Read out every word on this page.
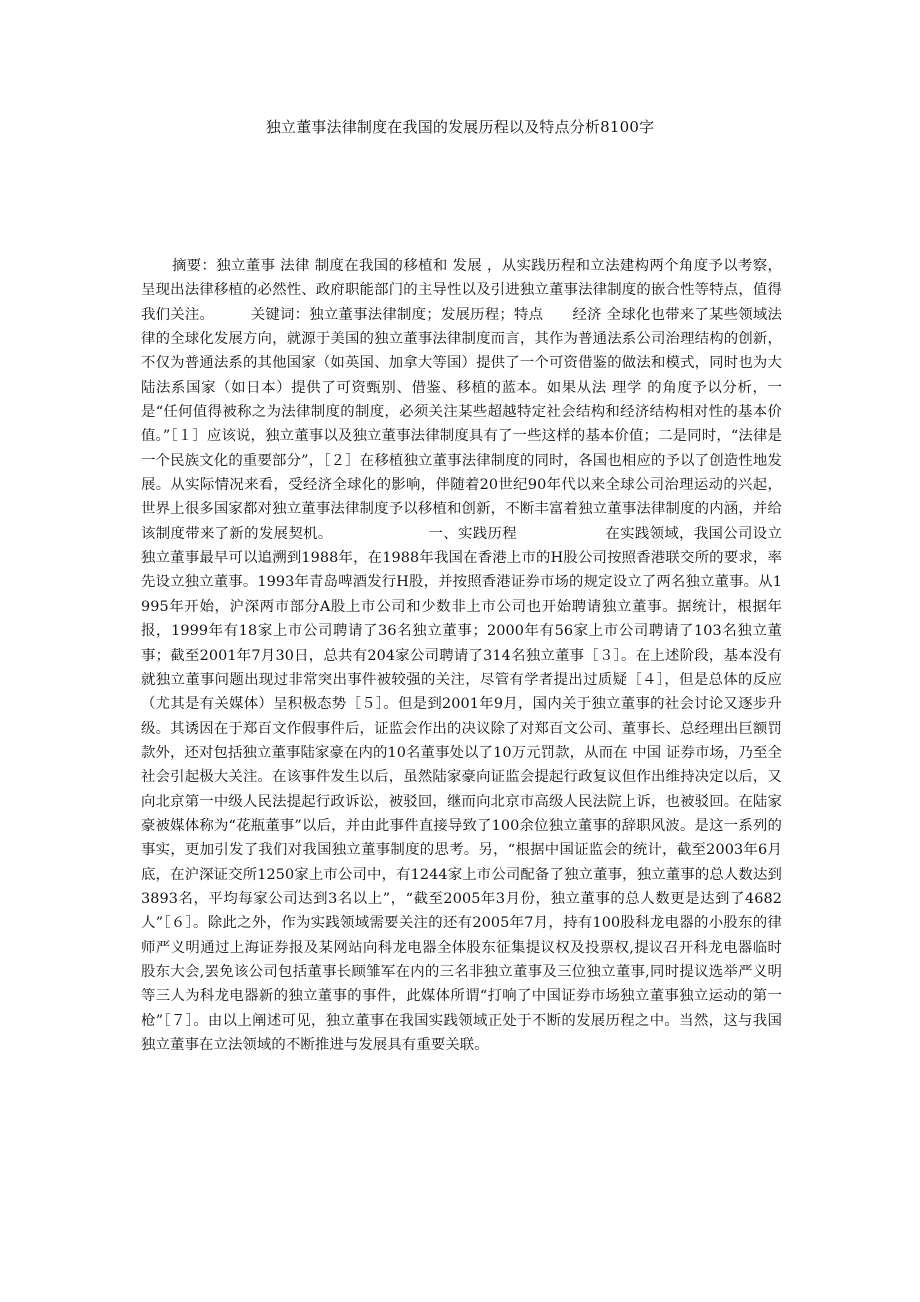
独立董事法律制度在我国的发展历程以及特点分析8100字
摘要：独立董事 法律 制度在我国的移植和 发展 ，从实践历程和立法建构两个角度予以考察，呈现出法律移植的必然性、政府职能部门的主导性以及引进独立董事法律制度的嵌合性等特点，值得我们关注。　　　关键词：独立董事法律制度；发展历程；特点　　经济 全球化也带来了某些领域法律的全球化发展方向，就源于美国的独立董事法律制度而言，其作为普通法系公司治理结构的创新，不仅为普通法系的其他国家（如英国、加拿大等国）提供了一个可资借鉴的做法和模式，同时也为大陆法系国家（如日本）提供了可资甄别、借鉴、移植的蓝本。如果从法 理学 的角度予以分析，一是“任何值得被称之为法律制度的制度，必须关注某些超越特定社会结构和经济结构相对性的基本价值。”［１］应该说，独立董事以及独立董事法律制度具有了一些这样的基本价值；二是同时，“法律是一个民族文化的重要部分”，［２］在移植独立董事法律制度的同时，各国也相应的予以了创造性地发展。从实际情况来看，受经济全球化的影响，伴随着20世纪90年代以来全球公司治理运动的兴起，世界上很多国家都对独立董事法律制度予以移植和创新，不断丰富着独立董事法律制度的内涵，并给该制度带来了新的发展契机。　　　　　　　一、实践历程　　　　　　在实践领域，我国公司设立独立董事最早可以追溯到1988年，在1988年我国在香港上市的H股公司按照香港联交所的要求，率先设立独立董事。1993年青岛啤酒发行H股，并按照香港证券市场的规定设立了两名独立董事。从1995年开始，沪深两市部分A股上市公司和少数非上市公司也开始聘请独立董事。据统计，根据年报，1999年有18家上市公司聘请了36名独立董事；2000年有56家上市公司聘请了103名独立董事；截至2001年7月30日，总共有204家公司聘请了314名独立董事［３］。在上述阶段，基本没有就独立董事问题出现过非常突出事件被较强的关注，尽管有学者提出过质疑［４］，但是总体的反应（尤其是有关媒体）呈积极态势［５］。但是到2001年9月，国内关于独立董事的社会讨论又逐步升级。其诱因在于郑百文作假事件后，证监会作出的决议除了对郑百文公司、董事长、总经理出巨额罚款外，还对包括独立董事陆家豪在内的10名董事处以了10万元罚款，从而在 中国 证券市场，乃至全社会引起极大关注。在该事件发生以后，虽然陆家豪向证监会提起行政复议但作出维持决定以后，又向北京第一中级人民法提起行政诉讼，被驳回，继而向北京市高级人民法院上诉，也被驳回。在陆家豪被媒体称为“花瓶董事”以后，并由此事件直接导致了100余位独立董事的辞职风波。是这一系列的事实，更加引发了我们对我国独立董事制度的思考。另，“根据中国证监会的统计，截至2003年6月底，在沪深证交所1250家上市公司中，有1244家上市公司配备了独立董事，独立董事的总人数达到3893名，平均每家公司达到3名以上”，“截至2005年3月份，独立董事的总人数更是达到了4682人”［６］。除此之外，作为实践领域需要关注的还有2005年7月，持有100股科龙电器的小股东的律师严义明通过上海证券报及某网站向科龙电器全体股东征集提议权及投票权,提议召开科龙电器临时股东大会,罢免该公司包括董事长顾雏军在内的三名非独立董事及三位独立董事,同时提议选举严义明等三人为科龙电器新的独立董事的事件，此媒体所谓“打响了中国证券市场独立董事独立运动的第一枪”［７］。由以上阐述可见，独立董事在我国实践领域正处于不断的发展历程之中。当然，这与我国独立董事在立法领域的不断推进与发展具有重要关联。
